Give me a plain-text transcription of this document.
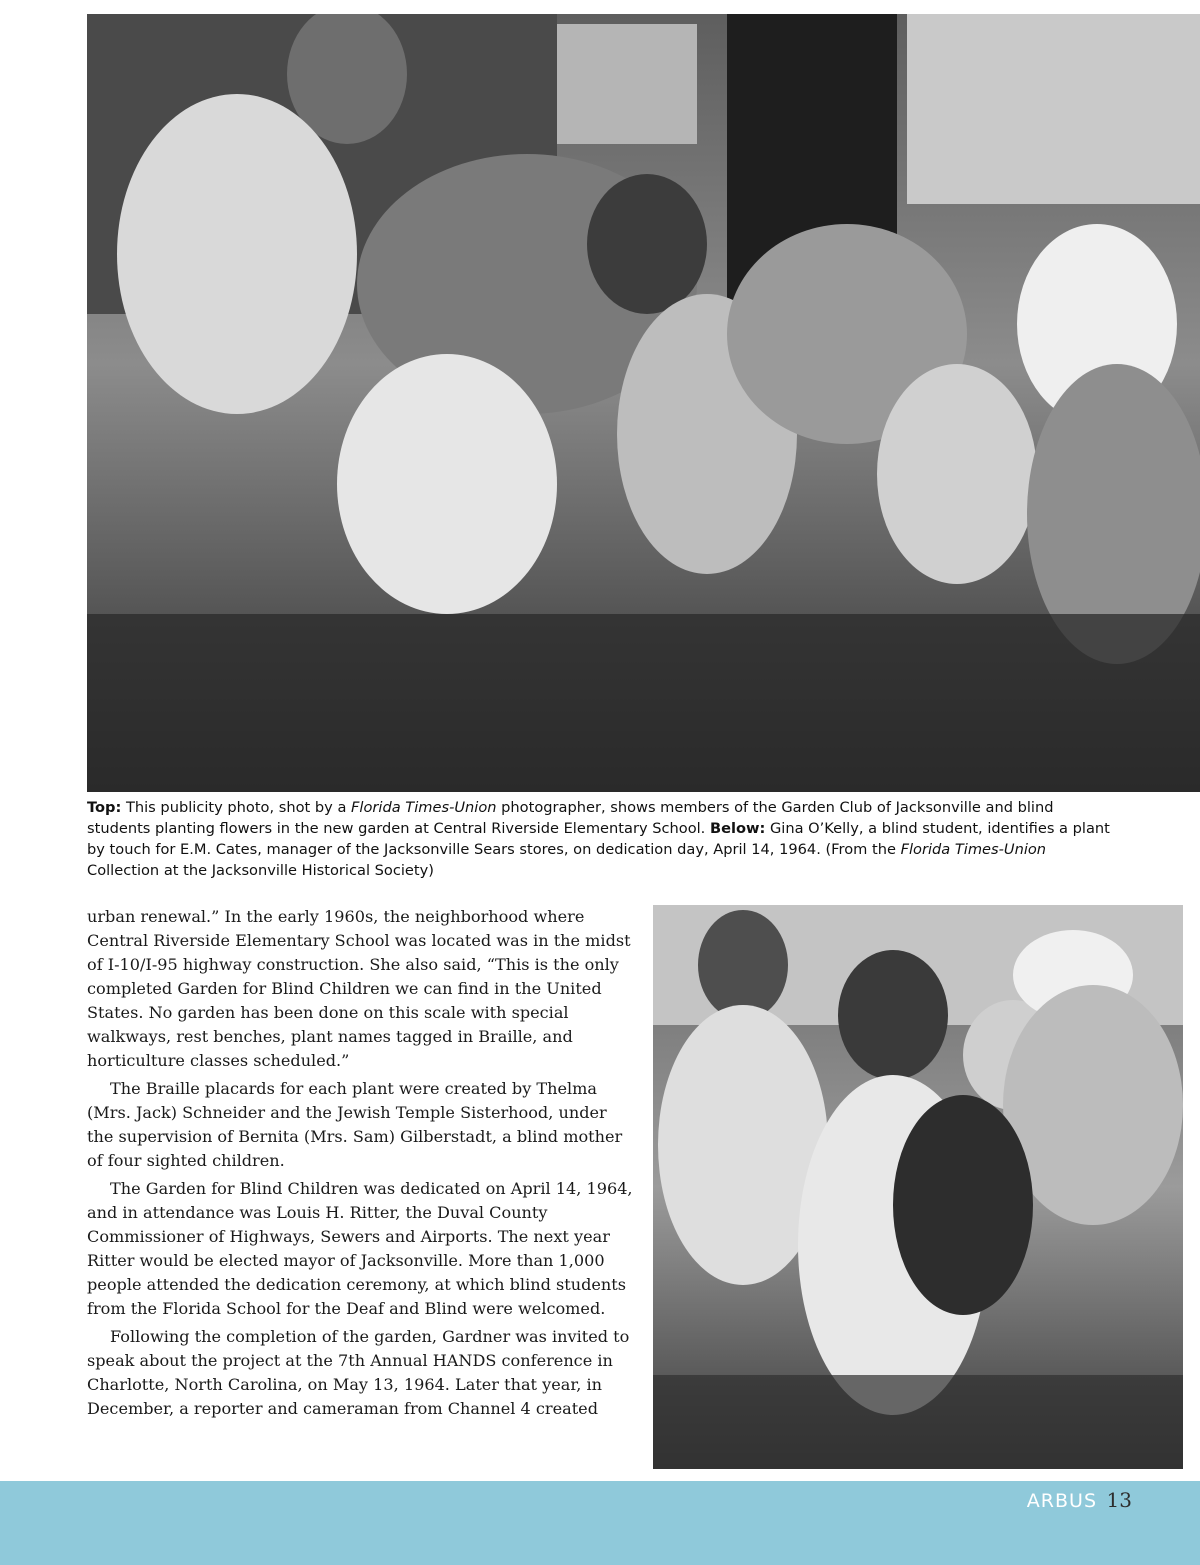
Top: This publicity photo, shot by a Florida Times-Union photographer, shows members of the Garden Club of Jacksonville and blind students planting flowers in the new garden at Central Riverside Elementary School. Below: Gina O’Kelly, a blind student, identifies a plant by touch for E.M. Cates, manager of the Jacksonville Sears stores, on dedication day, April 14, 1964. (From the Florida Times-Union Collection at the Jacksonville Historical Society)

urban renewal.” In the early 1960s, the neighborhood where Central Riverside Elementary School was located was in the midst of I-10/I-95 highway construction. She also said, “This is the only completed Garden for Blind Children we can find in the United States. No garden has been done on this scale with special walkways, rest benches, plant names tagged in Braille, and horticulture classes scheduled.”

The Braille placards for each plant were created by Thelma (Mrs. Jack) Schneider and the Jewish Temple Sisterhood, under the supervision of Bernita (Mrs. Sam) Gilberstadt, a blind mother of four sighted children.

The Garden for Blind Children was dedicated on April 14, 1964, and in attendance was Louis H. Ritter, the Duval County Commissioner of Highways, Sewers and Airports. The next year Ritter would be elected mayor of Jacksonville. More than 1,000 people attended the dedication ceremony, at which blind students from the Florida School for the Deaf and Blind were welcomed.

Following the completion of the garden, Gardner was invited to speak about the project at the 7th Annual HANDS conference in Charlotte, North Carolina, on May 13, 1964. Later that year, in December, a reporter and cameraman from Channel 4 created

ARBUS 13
